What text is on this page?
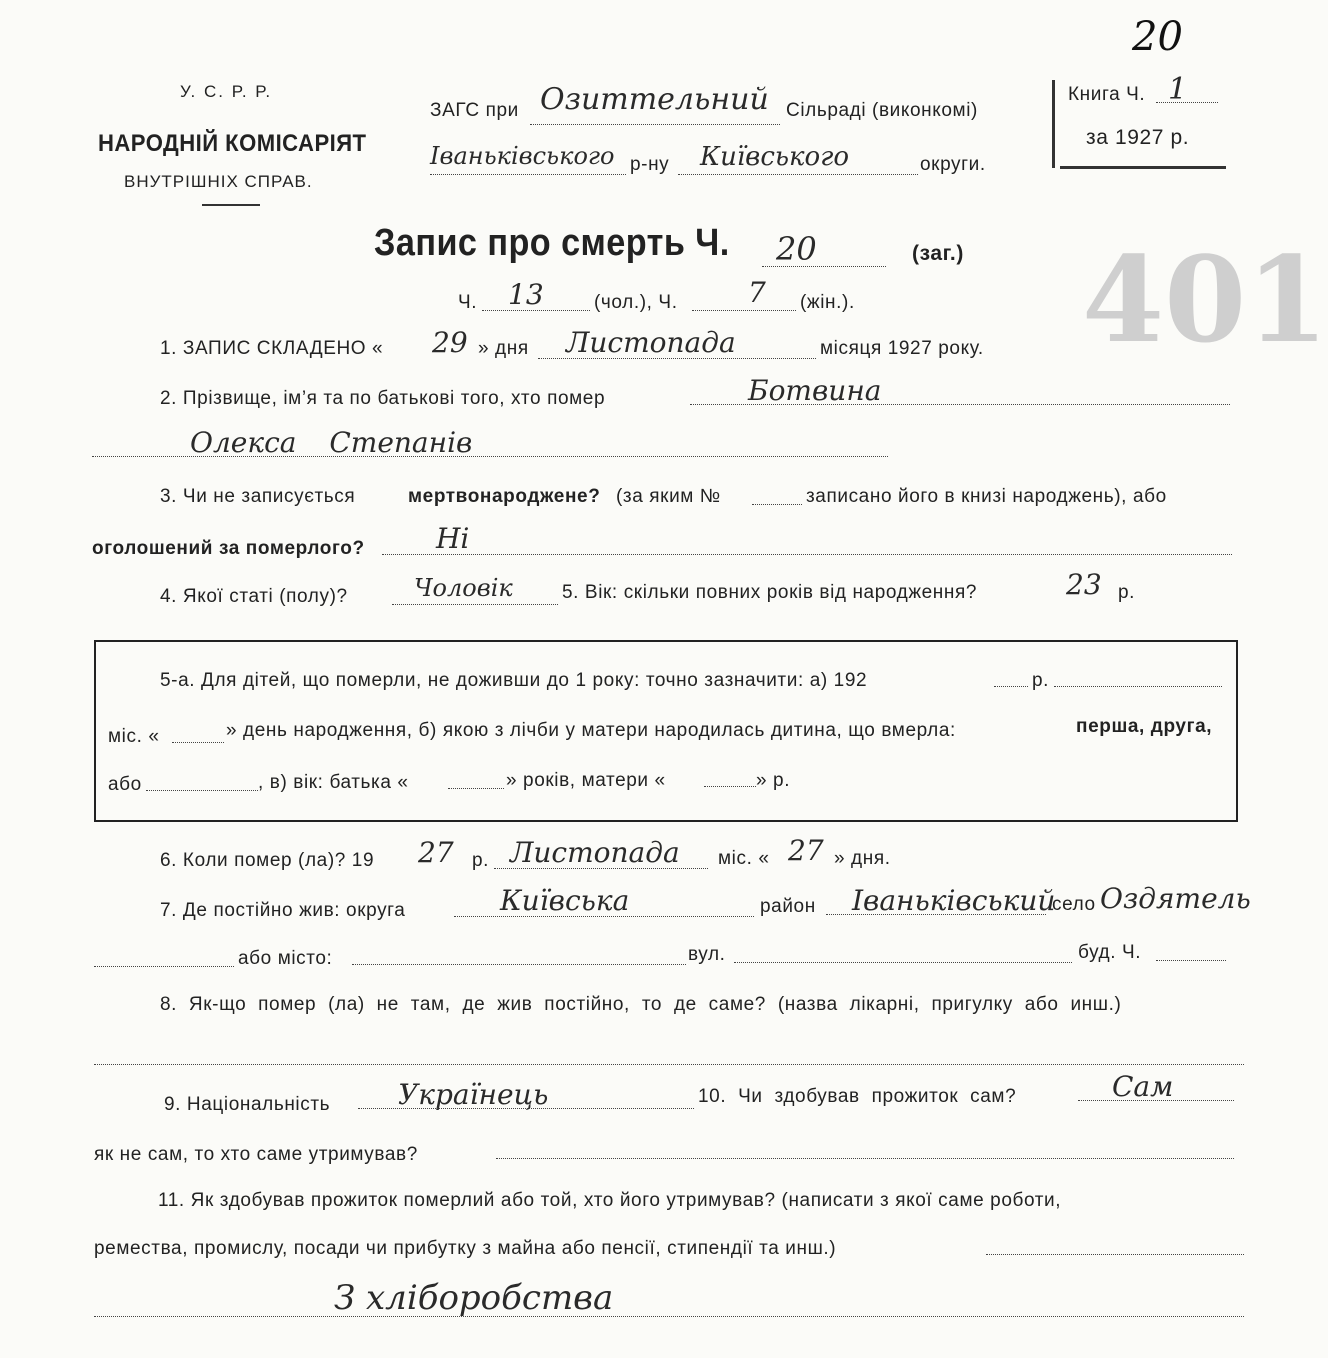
У. С. Р. Р.
НАРОДНІЙ КОМІСАРІЯТ
ВНУТРІШНІХ СПРАВ.
ЗАГС при Озиттельний Сільраді (виконкомі)
Іваньківського р-ну Київського	округи.
Книга Ч. 1
за 1927 р.
20
401
Запис про смерть Ч. 20	(заг.)
Ч. 13	(чол.), Ч.	7 (жін.).
1. ЗАПИС СКЛАДЕНО « 29 » дня Листопада	місяця 1927 року.
2. Прізвище, ім’я та по батькові того, хто помер	Ботвина
Олекса Степанів
3. Чи не записується	мертвонароджене? (за яким №	записано його в книзі народжень), або
оголошений за померлого?	Ні
4. Якої статі (полу)?	Чоловік	5. Вік: скільки повних років від народження?	23 р.
5-а. Для дітей, що померли, не доживши до 1 року: точно зазначити: а) 192	р.
міс. «	» день народження, б) якою з лічби у матери народилась дитина, що вмерла:	перша, друга,
або	, в) вік: батька «	» років, матери «	» р.
6. Коли помер (ла)? 19 27 р. Листопада міс. « 27 » дня.
7. Де постійно жив: округа	Київська	район Іваньківський
село Оздятель
або місто:	вул.	буд. Ч.
8. Як-що помер (ла) не там, де жив постійно, то де саме? (назва лікарні, пригулку або инш.)
9. Національність Українець	10. Чи здобував прожиток сам?	Сам
як не сам, то хто саме утримував?
11. Як здобував прожиток померлий або той, хто його утримував? (написати з якої саме роботи,
ремества, промислу, посади чи прибутку з майна або пенсії, стипендії та инш.)
З хліборобства
